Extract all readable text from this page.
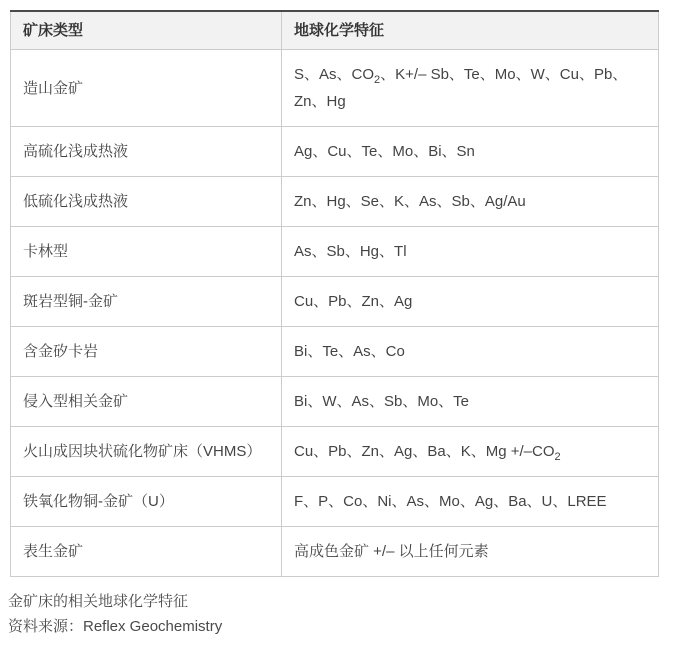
矿床类型	地球化学特征
造山金矿	S、As、$CO_2$、K+/– Sb、Te、Mo、W、Cu、Pb、Zn、Hg
高硫化浅成热液	Ag、Cu、Te、Mo、Bi、Sn
低硫化浅成热液	Zn、Hg、Se、K、As、Sb、Ag/Au
卡林型	As、Sb、Hg、Tl
斑岩型铜-金矿	Cu、Pb、Zn、Ag
含金矽卡岩	Bi、Te、As、Co
侵入型相关金矿	Bi、W、As、Sb、Mo、Te
火山成因块状硫化物矿床（VHMS）	Cu、Pb、Zn、Ag、Ba、K、$Mg +/-CO_2$
铁氧化物铜-金矿（U）	F、P、Co、Ni、As、Mo、Ag、Ba、U、LREE
表生金矿	高成色金矿 +/– 以上任何元素
金矿床的相关地球化学特征
资料来源：Reflex Geochemistry
